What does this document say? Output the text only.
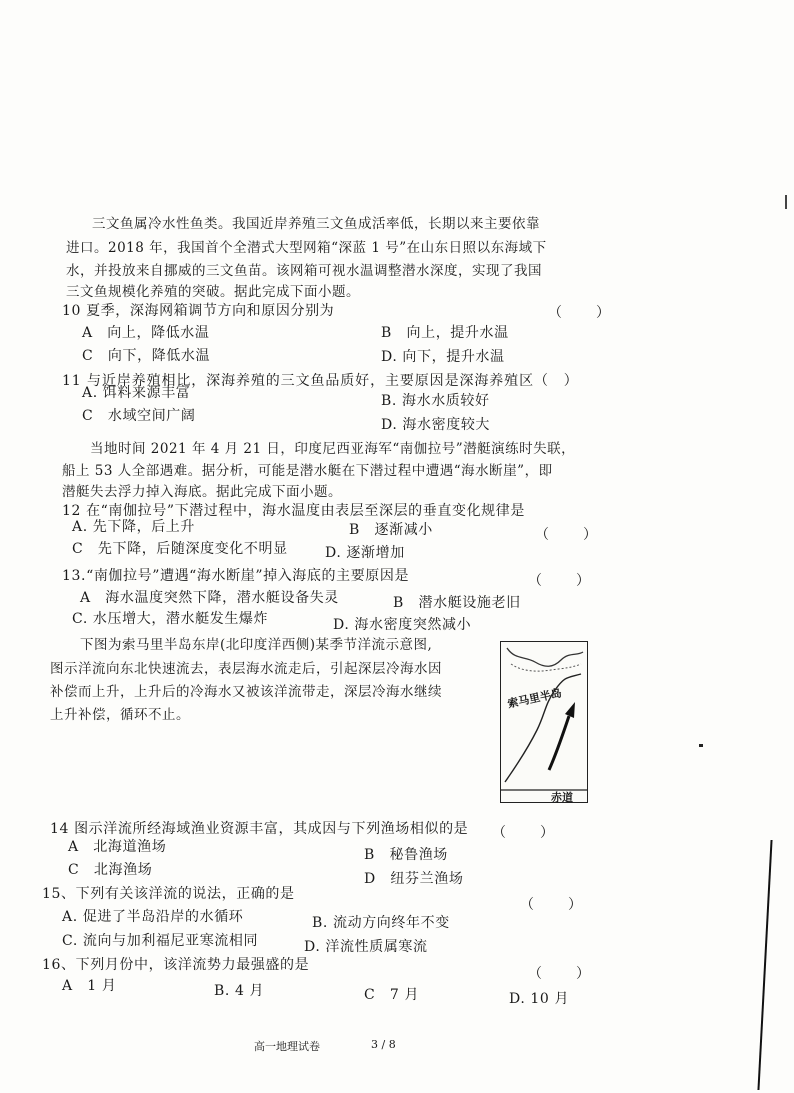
三文鱼属冷水性鱼类。我国近岸养殖三文鱼成活率低，长期以来主要依靠
进口。2018 年，我国首个全潜式大型网箱“深蓝 1 号”在山东日照以东海域下
水，并投放来自挪威的三文鱼苗。该网箱可视水温调整潜水深度，实现了我国
三文鱼规模化养殖的突破。据此完成下面小题。
10 夏季，深海网箱调节方向和原因分别为	（　　）
A　向上，降低水温	B　向上，提升水温
C　向下，降低水温	D. 向下，提升水温
11 与近岸养殖相比，深海养殖的三文鱼品质好，主要原因是深海养殖区（　）
A. 饵料来源丰富	B. 海水水质较好
C　水域空间广阔
D. 海水密度较大
当地时间 2021 年 4 月 21 日，印度尼西亚海军“南伽拉号”潜艇演练时失联，
船上 53 人全部遇难。据分析，可能是潜水艇在下潜过程中遭遇“海水断崖”，即
潜艇失去浮力掉入海底。据此完成下面小题。
12 在“南伽拉号”下潜过程中，海水温度由表层至深层的垂直变化规律是
A. 先下降，后上升	B　逐渐减小	（　　）
C　先下降，后随深度变化不明显	D. 逐渐增加
13.“南伽拉号”遭遇“海水断崖”掉入海底的主要原因是	（　　）
A　海水温度突然下降，潜水艇设备失灵	B　潜水艇设施老旧
C. 水压增大，潜水艇发生爆炸	D. 海水密度突然减小
下图为索马里半岛东岸(北印度洋西侧)某季节洋流示意图,
图示洋流向东北快速流去，表层海水流走后，引起深层冷海水因
补偿而上升，上升后的冷海水又被该洋流带走，深层冷海水继续
上升补偿，循环不止。
索马里半岛
赤道
14 图示洋流所经海域渔业资源丰富，其成因与下列渔场相似的是 （　　）
A　北海道渔场	B　秘鲁渔场
C　北海渔场
D　纽芬兰渔场
15、下列有关该洋流的说法，正确的是
（　　）
A. 促进了半岛沿岸的水循环	B. 流动方向终年不变
C. 流向与加利福尼亚寒流相同	D. 洋流性质属寒流
16、下列月份中，该洋流势力最强盛的是
（　　）
A　1 月	B. 4 月	C　7 月	D. 10 月
高一地理试卷	3 / 8
